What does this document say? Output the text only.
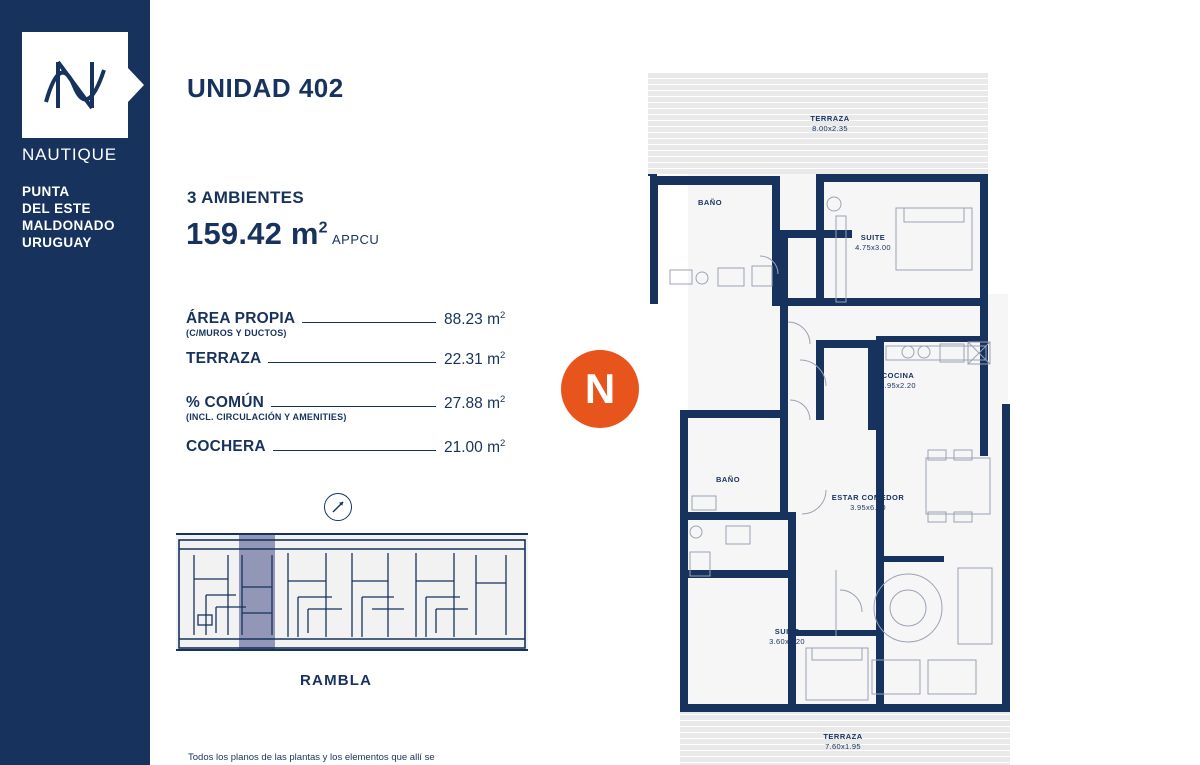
NAUTIQUE
PUNTA
DEL ESTE
MALDONADO
URUGUAY
UNIDAD 402
3 AMBIENTES
159.42 $m^2$
APPCU
ÁREA PROPIA
(C/MUROS Y DUCTOS)
88.23 $m^2$
TERRAZA	22.31 $m^2$
% COMÚN
(INCL. CIRCULACIÓN Y AMENITIES)
27.88 $m^2$
COCHERA	21.00 $m^2$
RAMBLA
Todos los planos de las plantas y los elementos que allí se
N
TERRAZA
8.00x2.35
BAÑO
SUITE
4.75x3.00
COCINA
3.95x2.20
BAÑO
ESTAR COMEDOR
3.95x6.50
SUITE
3.60x3.20
TERRAZA
7.60x1.95
